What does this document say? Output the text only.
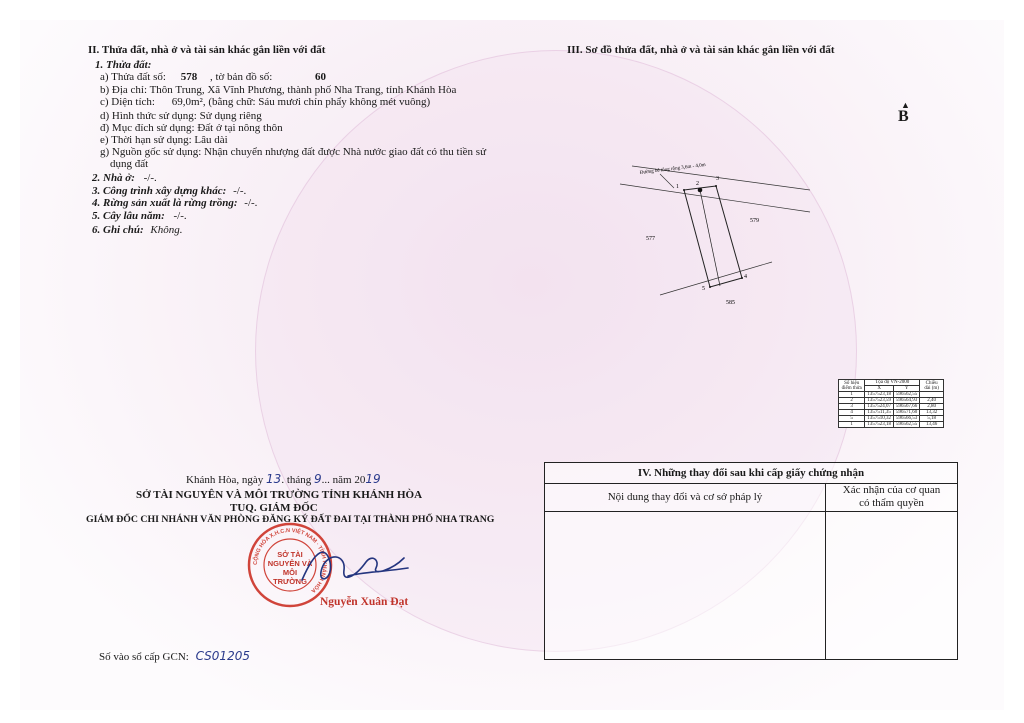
II. Thửa đất, nhà ở và tài sản khác gắn liền với đất
1. Thửa đất:
a) Thửa đất số: 578 , tờ bản đồ số:	60
b) Địa chỉ: Thôn Trung, Xã Vĩnh Phương, thành phố Nha Trang, tỉnh Khánh Hòa
c) Diện tích: 69,0m², (bằng chữ: Sáu mươi chín phẩy không mét vuông)
d) Hình thức sử dụng: Sử dụng riêng
đ) Mục đích sử dụng: Đất ở tại nông thôn
e) Thời hạn sử dụng: Lâu dài
g) Nguồn gốc sử dụng: Nhận chuyển nhượng đất được Nhà nước giao đất có thu tiền sử
dụng đất
2. Nhà ở: -/-.
3. Công trình xây dựng khác: -/-.
4. Rừng sản xuất là rừng trồng: -/-.
5. Cây lâu năm: -/-.
6. Ghi chú: Không.
III. Sơ đồ thửa đất, nhà ở và tài sản khác gắn liền với đất
▲
B
Đường bê tông rộng 3,6m - 4,0m
1	2
3
4
5
577
579
585
Số hiệu điểm thửa	Tọa độ VN-2000		Chiều dài (m)
	X	Y	
1	1357523,18	596562,55	
2	1357523,59	596564,93	2,40
3	1357524,07	596567,66	2,80
4	1357511,35	596571,60	13,32
5	1357510,32	596566,53	5,18
1	1357523,18	596562,55	13,46
Khánh Hòa, ngày 13. tháng 9... năm 2019
SỞ TÀI NGUYÊN VÀ MÔI TRƯỜNG TỈNH KHÁNH HÒA
TUQ. GIÁM ĐỐC
GIÁM ĐỐC CHI NHÁNH VĂN PHÒNG ĐĂNG KÝ ĐẤT ĐAI TẠI THÀNH PHỐ NHA TRANG
CỘNG HÒA X.H.C.N VIỆT NAM · TỈNH KHÁNH HÒA
SỞ TÀI NGUYÊN VÀ MÔI TRƯỜNG
Nguyễn Xuân Đạt
Số vào sổ cấp GCN: CS01205
IV. Những thay đổi sau khi cấp giấy chứng nhận
Nội dung thay đổi và cơ sở pháp lý
Xác nhận của cơ quan
có thẩm quyền
